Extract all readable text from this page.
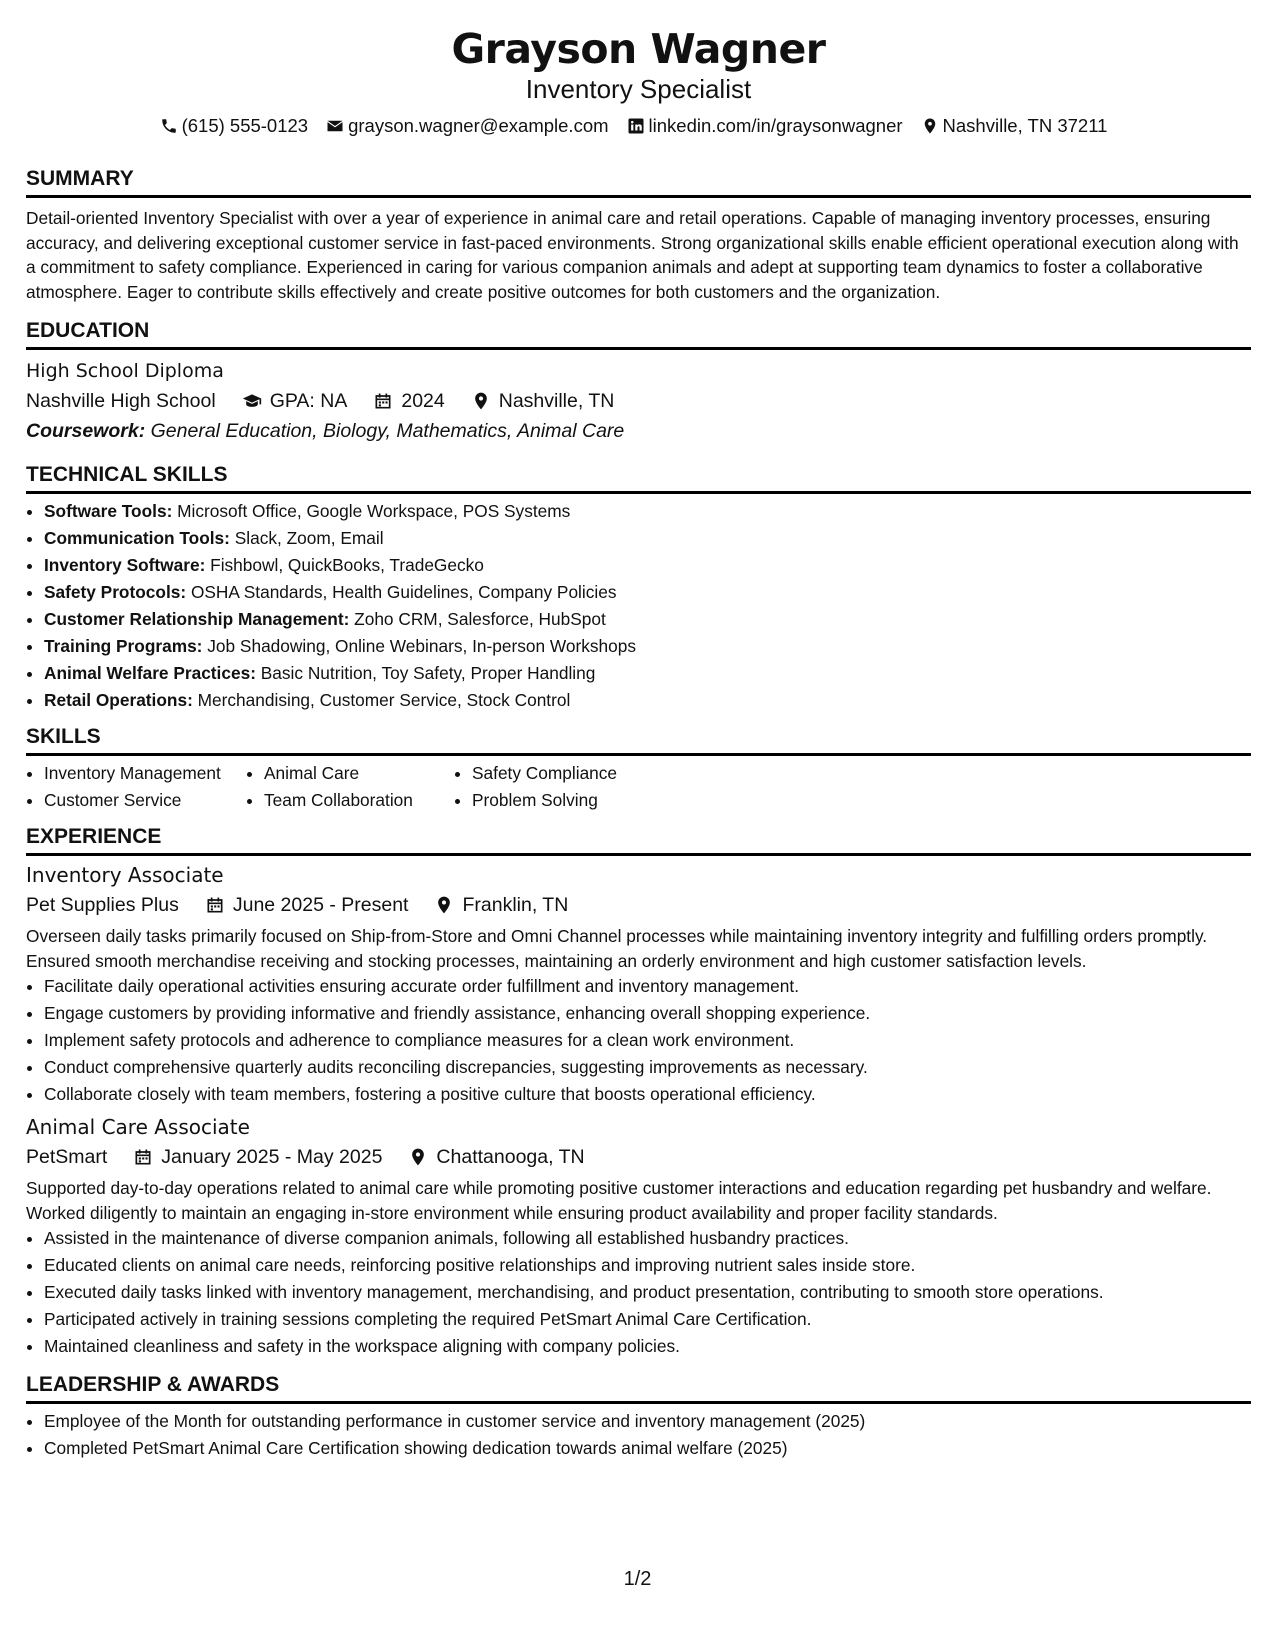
Grayson Wagner
Inventory Specialist
(615) 555-0123 grayson.wagner@example.com linkedin.com/in/graysonwagner Nashville, TN 37211
SUMMARY
Detail-oriented Inventory Specialist with over a year of experience in animal care and retail operations. Capable of managing inventory processes, ensuring accuracy, and delivering exceptional customer service in fast-paced environments. Strong organizational skills enable efficient operational execution along with a commitment to safety compliance. Experienced in caring for various companion animals and adept at supporting team dynamics to foster a collaborative atmosphere. Eager to contribute skills effectively and create positive outcomes for both customers and the organization.
EDUCATION
High School Diploma
Nashville High School	GPA: NA	2024	Nashville, TN
Coursework: General Education, Biology, Mathematics, Animal Care
TECHNICAL SKILLS
• Software Tools: Microsoft Office, Google Workspace, POS Systems
• Communication Tools: Slack, Zoom, Email
• Inventory Software: Fishbowl, QuickBooks, TradeGecko
• Safety Protocols: OSHA Standards, Health Guidelines, Company Policies
• Customer Relationship Management: Zoho CRM, Salesforce, HubSpot
• Training Programs: Job Shadowing, Online Webinars, In-person Workshops
• Animal Welfare Practices: Basic Nutrition, Toy Safety, Proper Handling
• Retail Operations: Merchandising, Customer Service, Stock Control
SKILLS
• Inventory Management	• Animal Care	• Safety Compliance
• Customer Service	• Team Collaboration	• Problem Solving
EXPERIENCE
Inventory Associate
Pet Supplies Plus	June 2025 - Present	Franklin, TN
Overseen daily tasks primarily focused on Ship-from-Store and Omni Channel processes while maintaining inventory integrity and fulfilling orders promptly. Ensured smooth merchandise receiving and stocking processes, maintaining an orderly environment and high customer satisfaction levels.
• Facilitate daily operational activities ensuring accurate order fulfillment and inventory management.
• Engage customers by providing informative and friendly assistance, enhancing overall shopping experience.
• Implement safety protocols and adherence to compliance measures for a clean work environment.
• Conduct comprehensive quarterly audits reconciling discrepancies, suggesting improvements as necessary.
• Collaborate closely with team members, fostering a positive culture that boosts operational efficiency.
Animal Care Associate
PetSmart	January 2025 - May 2025	Chattanooga, TN
Supported day-to-day operations related to animal care while promoting positive customer interactions and education regarding pet husbandry and welfare. Worked diligently to maintain an engaging in-store environment while ensuring product availability and proper facility standards.
• Assisted in the maintenance of diverse companion animals, following all established husbandry practices.
• Educated clients on animal care needs, reinforcing positive relationships and improving nutrient sales inside store.
• Executed daily tasks linked with inventory management, merchandising, and product presentation, contributing to smooth store operations.
• Participated actively in training sessions completing the required PetSmart Animal Care Certification.
• Maintained cleanliness and safety in the workspace aligning with company policies.
LEADERSHIP & AWARDS
• Employee of the Month for outstanding performance in customer service and inventory management (2025)
• Completed PetSmart Animal Care Certification showing dedication towards animal welfare (2025)
1/2
